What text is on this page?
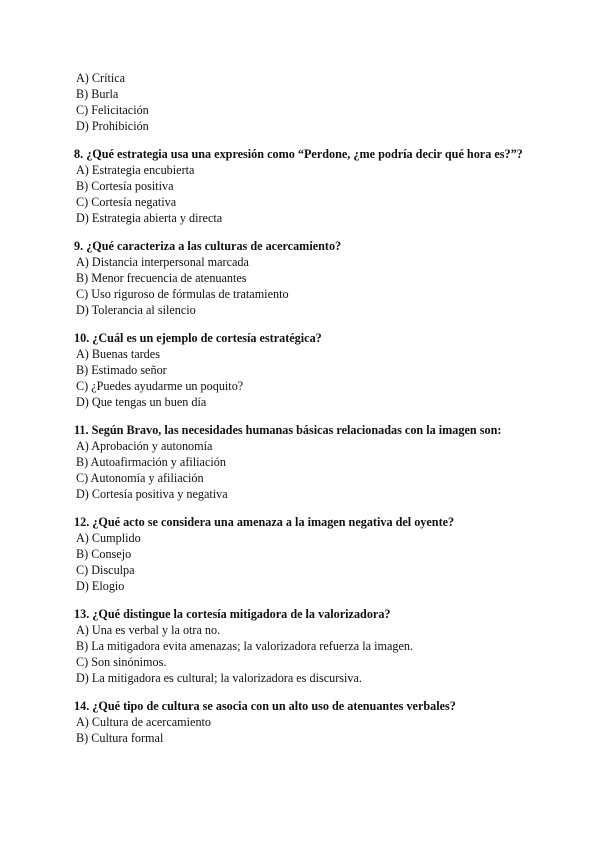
A) Crítica
B) Burla
C) Felicitación
D) Prohibición
8. ¿Qué estrategia usa una expresión como “Perdone, ¿me podría decir qué hora es?”?
A) Estrategia encubierta
B) Cortesía positiva
C) Cortesía negativa
D) Estrategia abierta y directa
9. ¿Qué caracteriza a las culturas de acercamiento?
A) Distancia interpersonal marcada
B) Menor frecuencia de atenuantes
C) Uso riguroso de fórmulas de tratamiento
D) Tolerancia al silencio
10. ¿Cuál es un ejemplo de cortesía estratégica?
A) Buenas tardes
B) Estimado señor
C) ¿Puedes ayudarme un poquito?
D) Que tengas un buen día
11. Según Bravo, las necesidades humanas básicas relacionadas con la imagen son:
A) Aprobación y autonomía
B) Autoafirmación y afiliación
C) Autonomía y afiliación
D) Cortesía positiva y negativa
12. ¿Qué acto se considera una amenaza a la imagen negativa del oyente?
A) Cumplido
B) Consejo
C) Disculpa
D) Elogio
13. ¿Qué distingue la cortesía mitigadora de la valorizadora?
A) Una es verbal y la otra no.
B) La mitigadora evita amenazas; la valorizadora refuerza la imagen.
C) Son sinónimos.
D) La mitigadora es cultural; la valorizadora es discursiva.
14. ¿Qué tipo de cultura se asocia con un alto uso de atenuantes verbales?
A) Cultura de acercamiento
B) Cultura formal
